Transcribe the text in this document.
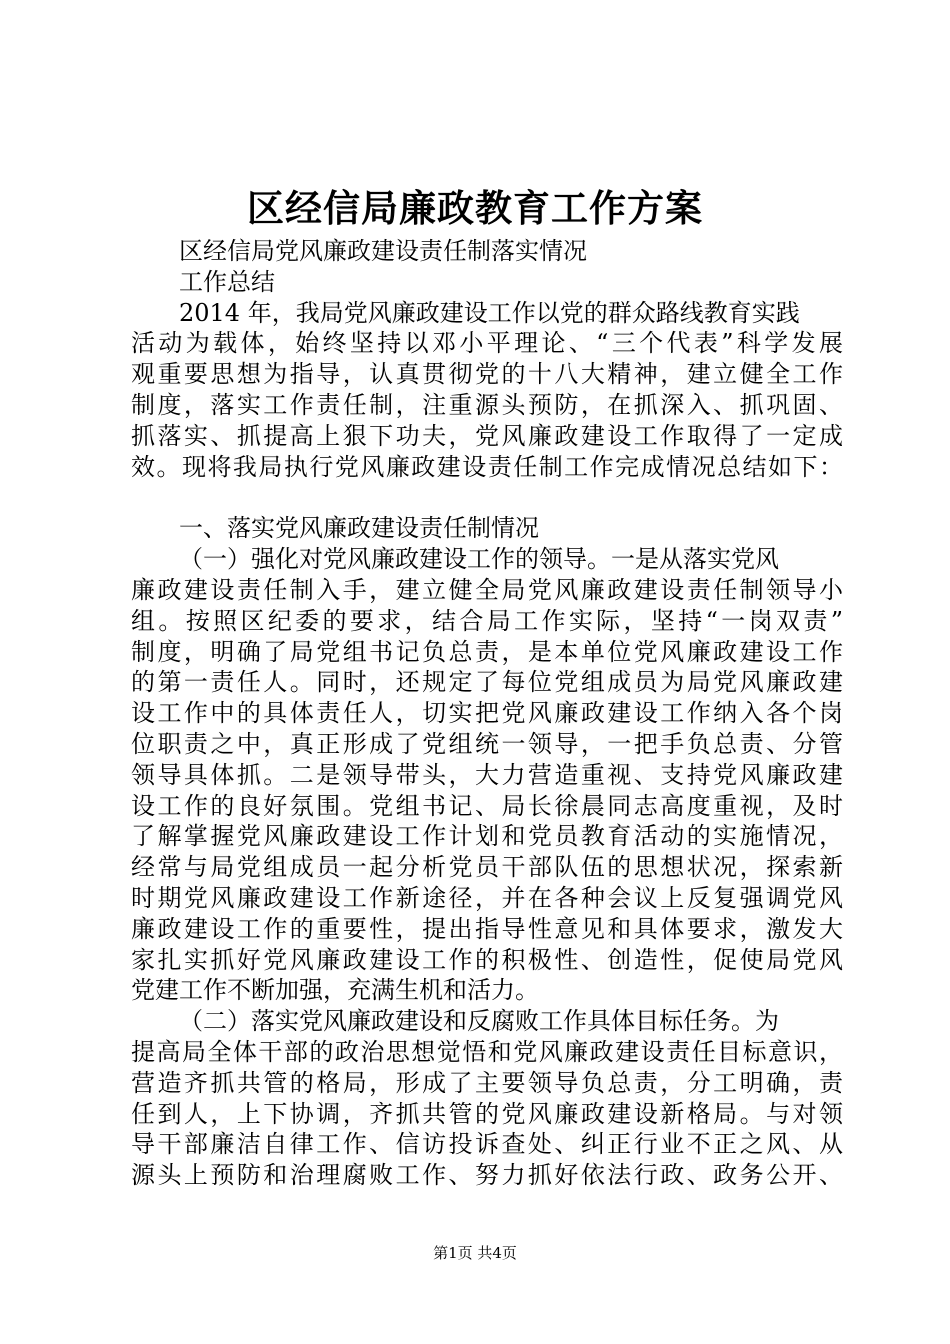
区经信局廉政教育工作方案
区经信局党风廉政建设责任制落实情况
工作总结
2014 年，我局党风廉政建设工作以党的群众路线教育实践
活动为载体，始终坚持以邓小平理论、“三个代表”科学发展
观重要思想为指导，认真贯彻党的十八大精神，建立健全工作
制度，落实工作责任制，注重源头预防，在抓深入、抓巩固、
抓落实、抓提高上狠下功夫，党风廉政建设工作取得了一定成
效。现将我局执行党风廉政建设责任制工作完成情况总结如下：
一、落实党风廉政建设责任制情况
（一）强化对党风廉政建设工作的领导。一是从落实党风
廉政建设责任制入手，建立健全局党风廉政建设责任制领导小
组。按照区纪委的要求，结合局工作实际，坚持“一岗双责”
制度，明确了局党组书记负总责，是本单位党风廉政建设工作
的第一责任人。同时，还规定了每位党组成员为局党风廉政建
设工作中的具体责任人，切实把党风廉政建设工作纳入各个岗
位职责之中，真正形成了党组统一领导，一把手负总责、分管
领导具体抓。二是领导带头，大力营造重视、支持党风廉政建
设工作的良好氛围。党组书记、局长徐晨同志高度重视，及时
了解掌握党风廉政建设工作计划和党员教育活动的实施情况，
经常与局党组成员一起分析党员干部队伍的思想状况，探索新
时期党风廉政建设工作新途径，并在各种会议上反复强调党风
廉政建设工作的重要性，提出指导性意见和具体要求，激发大
家扎实抓好党风廉政建设工作的积极性、创造性，促使局党风
党建工作不断加强，充满生机和活力。
（二）落实党风廉政建设和反腐败工作具体目标任务。为
提高局全体干部的政治思想觉悟和党风廉政建设责任目标意识，
营造齐抓共管的格局，形成了主要领导负总责，分工明确，责
任到人，上下协调，齐抓共管的党风廉政建设新格局。与对领
导干部廉洁自律工作、信访投诉查处、纠正行业不正之风、从
源头上预防和治理腐败工作、努力抓好依法行政、政务公开、
第1页 共4页
